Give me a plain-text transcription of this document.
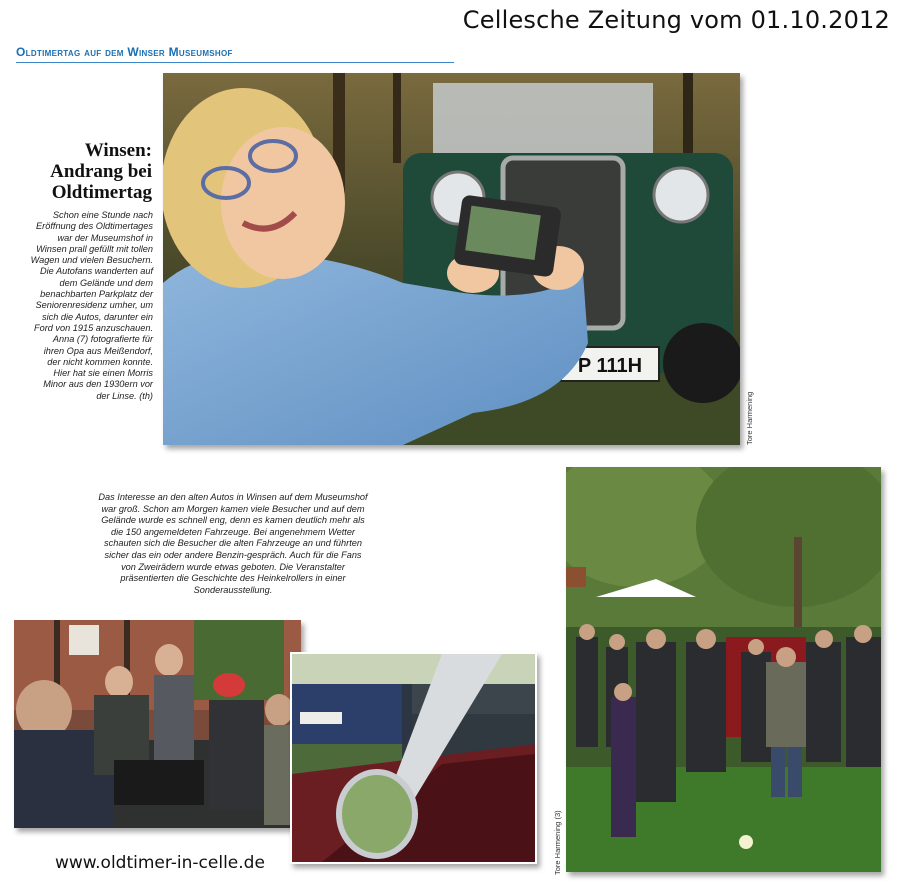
Cellesche Zeitung vom 01.10.2012
Oldtimertag auf dem Winser Museumshof
Winsen: Andrang bei Oldtimertag
Schon eine Stunde nach Eröffnung des Oldtimertages war der Museumshof in Winsen prall gefüllt mit tollen Wagen und vielen Besuchern. Die Autofans wanderten auf dem Gelände und dem benachbarten Parkplatz der Seniorenresidenz umher, um sich die Autos, darunter ein Ford von 1915 anzuschauen. Anna (7) fotografierte für ihren Opa aus Meißendorf, der nicht kommen konnte. Hier hat sie einen Morris Minor aus den 1930ern vor der Linse. (th)
P 111H
Tore Harmening
Das Interesse an den alten Autos in Winsen auf dem Museumshof war groß. Schon am Morgen kamen viele Besucher und auf dem Gelände wurde es schnell eng, denn es kamen deutlich mehr als die 150 angemeldeten Fahrzeuge. Bei angenehmem Wetter schauten sich die Besucher die alten Fahrzeuge an und führten sicher das ein oder andere Benzin-gespräch. Auch für die Fans von Zweirädern wurde etwas geboten. Die Veranstalter präsentierten die Geschichte des Heinkelrollers in einer Sonderausstellung.
Tore Harmening (3)
www.oldtimer-in-celle.de
